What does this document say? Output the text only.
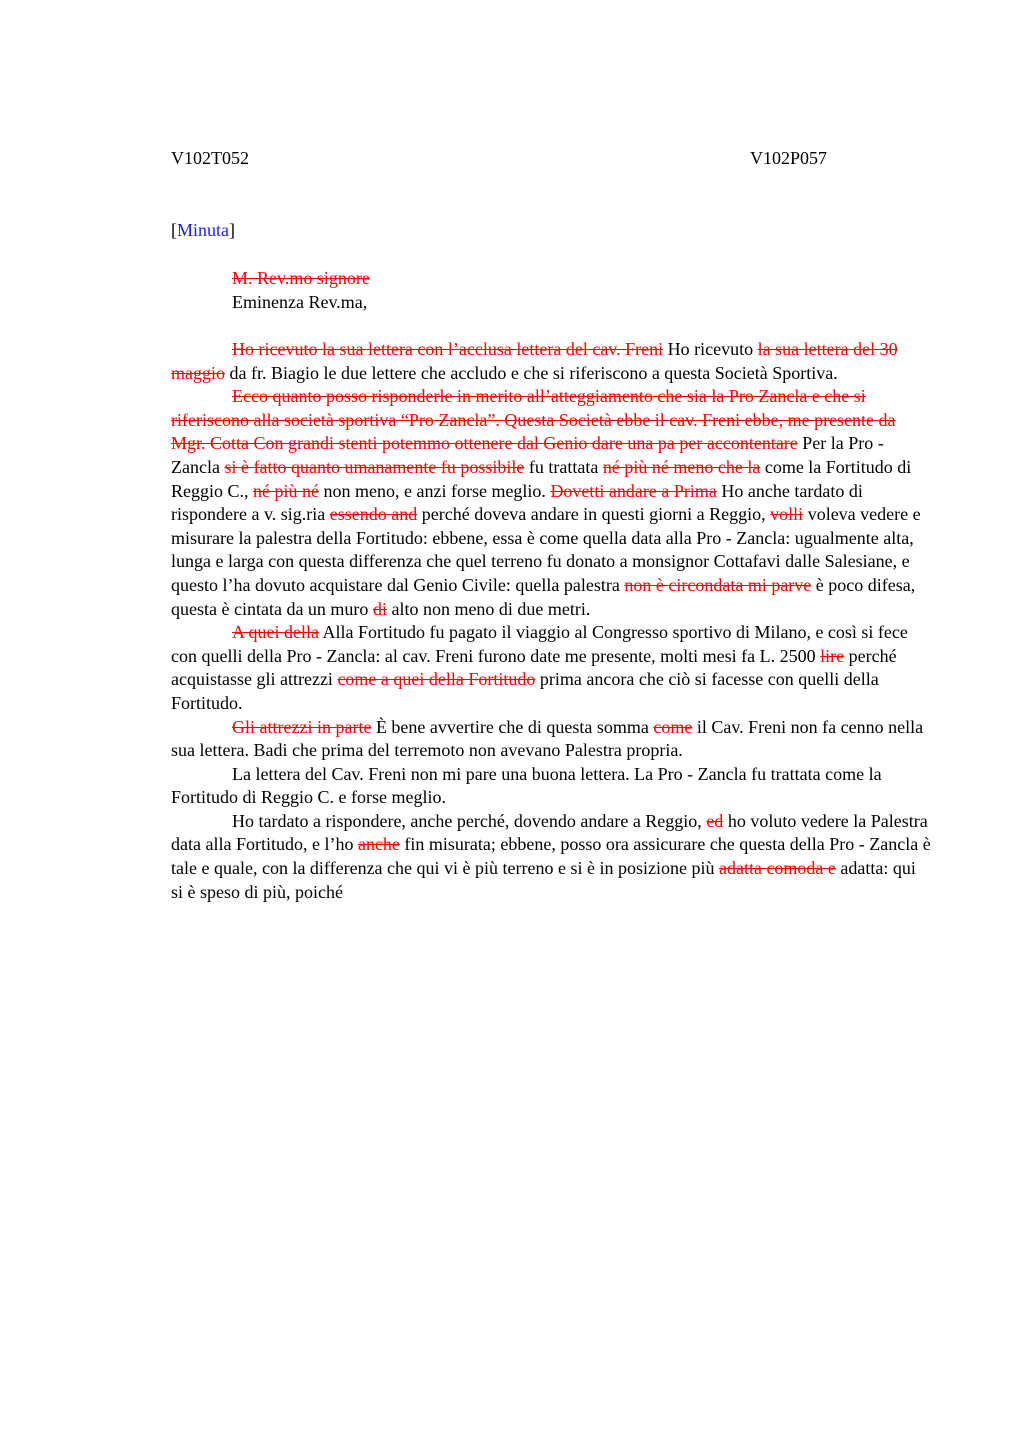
V102T052	V102P057
[Minuta]
M. Rev.mo signore
Eminenza Rev.ma,

Ho ricevuto la sua lettera con l’acclusa lettera del cav. Freni Ho ricevuto la sua lettera del 30 maggio da fr. Biagio le due lettere che accludo e che si riferiscono a questa Società Sportiva.

Ecco quanto posso risponderle in merito all’atteggiamento che sia la Pro Zancla e che si riferiscono alla società sportiva “Pro Zancla”. Questa Società ebbe il cav. Freni ebbe, me presente da Mgr. Cotta Con grandi stenti potemmo ottenere dal Genio dare una pa per accontentare Per la Pro - Zancla si è fatto quanto umanamente fu possibile fu trattata né più né meno che la come la Fortitudo di Reggio C., né più né non meno, e anzi forse meglio. Dovetti andare a Prima Ho anche tardato di rispondere a v. sig.ria essendo and perché doveva andare in questi giorni a Reggio, volli voleva vedere e misurare la palestra della Fortitudo: ebbene, essa è come quella data alla Pro - Zancla: ugualmente alta, lunga e larga con questa differenza che quel terreno fu donato a monsignor Cottafavi dalle Salesiane, e questo l’ha dovuto acquistare dal Genio Civile: quella palestra non è circondata mi parve è poco difesa, questa è cintata da un muro di alto non meno di due metri.

A quei della Alla Fortitudo fu pagato il viaggio al Congresso sportivo di Milano, e così si fece con quelli della Pro - Zancla: al cav. Freni furono date me presente, molti mesi fa L. 2500 lire perché acquistasse gli attrezzi come a quei della Fortitudo prima ancora che ciò si facesse con quelli della Fortitudo.

Gli attrezzi in parte È bene avvertire che di questa somma come il Cav. Freni non fa cenno nella sua lettera. Badi che prima del terremoto non avevano Palestra propria.

La lettera del Cav. Freni non mi pare una buona lettera. La Pro - Zancla fu trattata come la Fortitudo di Reggio C. e forse meglio.

Ho tardato a rispondere, anche perché, dovendo andare a Reggio, ed ho voluto vedere la Palestra data alla Fortitudo, e l’ho anche fin misurata; ebbene, posso ora assicurare che questa della Pro - Zancla è tale e quale, con la differenza che qui vi è più terreno e si è in posizione più adatta comoda e adatta: qui si è speso di più, poiché
